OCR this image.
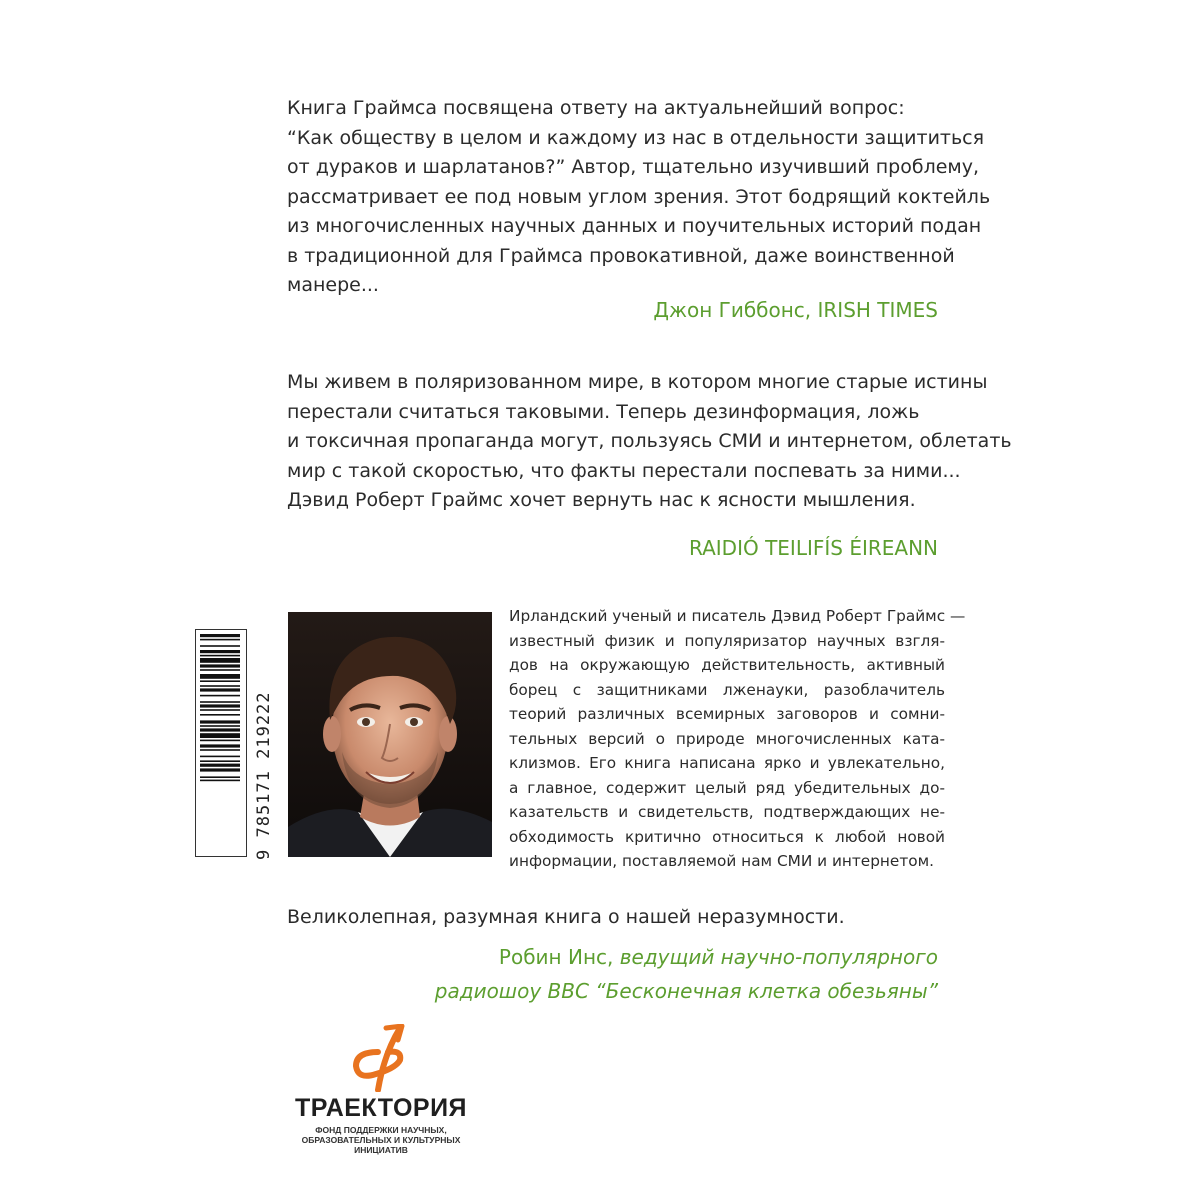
Книга Граймса посвящена ответу на актуальнейший вопрос:
“Как обществу в целом и каждому из нас в отдельности защититься
от дураков и шарлатанов?” Автор, тщательно изучивший проблему,
рассматривает ее под новым углом зрения. Этот бодрящий коктейль
из многочисленных научных данных и поучительных историй подан
в традиционной для Граймса провокативной, даже воинственной
манере...

Джон Гиббонс, IRISH TIMES

Мы живем в поляризованном мире, в котором многие старые истины
перестали считаться таковыми. Теперь дезинформация, ложь
и токсичная пропаганда могут, пользуясь СМИ и интернетом, облетать
мир с такой скоростью, что факты перестали поспевать за ними...
Дэвид Роберт Граймс хочет вернуть нас к ясности мышления.

RAIDIÓ TEILIFÍS ÉIREANN
9 785171 219222
Ирландский ученый и писатель Дэвид Роберт Граймс —
известный физик и популяризатор научных взгля-
дов на окружающую действительность, активный
борец с защитниками лженауки, разоблачитель
теорий различных всемирных заговоров и сомни-
тельных версий о природе многочисленных ката-
клизмов. Его книга написана ярко и увлекательно,
а главное, содержит целый ряд убедительных до-
казательств и свидетельств, подтверждающих не-
обходимость критично относиться к любой новой
информации, поставляемой нам СМИ и интернетом.

Великолепная, разумная книга о нашей неразумности.

Робин Инс, ведущий научно-популярного
радиошоу BBC “Бесконечная клетка обезьяны”
ТРАЕКТОРИЯ
ФОНД ПОДДЕРЖКИ НАУЧНЫХ,
ОБРАЗОВАТЕЛЬНЫХ И КУЛЬТУРНЫХ
ИНИЦИАТИВ
